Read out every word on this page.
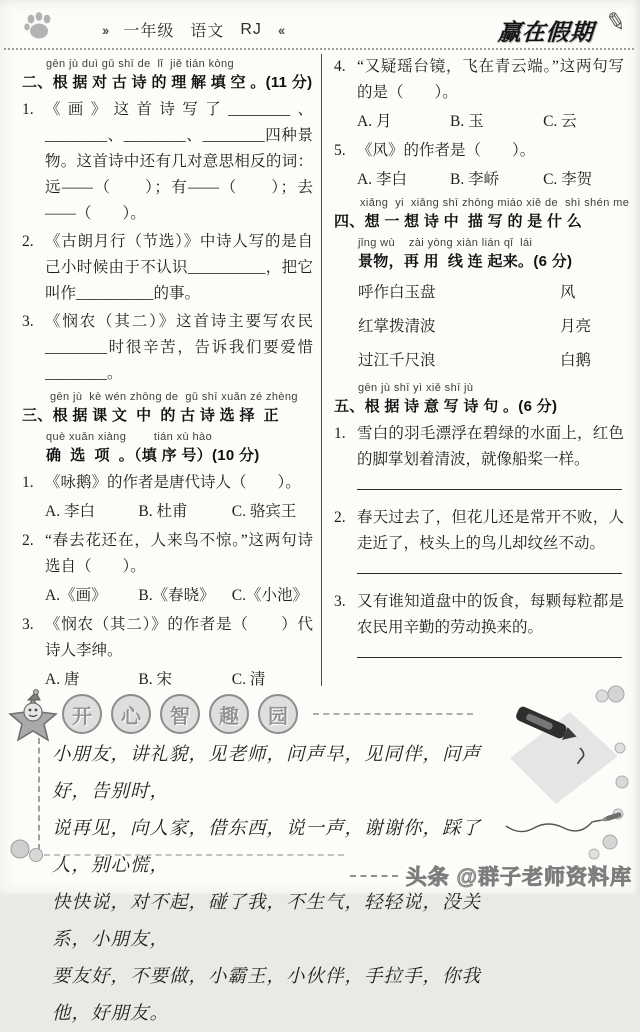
›› 一年级 语文 RJ ‹‹	赢在假期 ✎
gēn jù duì gǔ shī de  lǐ  jiě tián kòng
二、根 据 对 古 诗 的 理 解 填 空 。(11 分)
1. 《画》这首诗写了________、________、________、________四种景物。这首诗中还有几对意思相反的词：远——（　　）；有——（　　）；去——（　　）。
2. 《古朗月行（节选）》中诗人写的是自己小时候由于不认识__________，把它叫作__________的事。
3. 《悯农（其二）》这首诗主要写农民________时很辛苦，告诉我们要爱惜________。
gēn jù  kè wén zhōng de  gǔ shī xuǎn zé zhèng
三、根 据 课 文  中  的 古 诗 选 择  正
què xuǎn xiàng        tián xù hào
确  选  项  。（填 序 号）(10 分)
1. 《咏鹅》的作者是唐代诗人（　　）。
A. 李白	B. 杜甫	C. 骆宾王
2. “春去花还在，人来鸟不惊。”这两句诗选自（　　）。
A.《画》	B.《春晓》	C.《小池》
3. 《悯农（其二）》的作者是（　　）代诗人李绅。
A. 唐	B. 宋	C. 清
4. “又疑瑶台镜，飞在青云端。”这两句写的是（　　）。
A. 月	B. 玉	C. 云
5. 《风》的作者是（　　）。
A. 李白	B. 李峤	C. 李贺
xiǎng  yi  xiǎng shī zhōng miáo xiě de  shì shén me
四、想 一 想 诗 中  描 写 的 是 什 么
jǐng wù    zài yòng xiàn lián qǐ  lái
景物，再 用  线 连 起来。(6 分)
呼作白玉盘	风
红掌拨清波	月亮
过江千尺浪	白鹅
gēn jù shī yì xiě shī jù
五、根 据 诗 意 写 诗 句 。(6 分)
1. 雪白的羽毛漂浮在碧绿的水面上，红色的脚掌划着清波，就像船桨一样。
2. 春天过去了，但花儿还是常开不败，人走近了，枝头上的鸟儿却纹丝不动。
3. 又有谁知道盘中的饭食，每颗每粒都是农民用辛勤的劳动换来的。
开	心	智	趣	园
小朋友，讲礼貌，见老师，问声早，见同伴，问声好，告别时，
说再见，向人家，借东西，说一声，谢谢你，踩了人，别心慌，
快快说，对不起，碰了我，不生气，轻轻说，没关系，小朋友，
要友好，不要做，小霸王，小伙伴，手拉手，你我他，好朋友。
头条 @群子老师资料库
